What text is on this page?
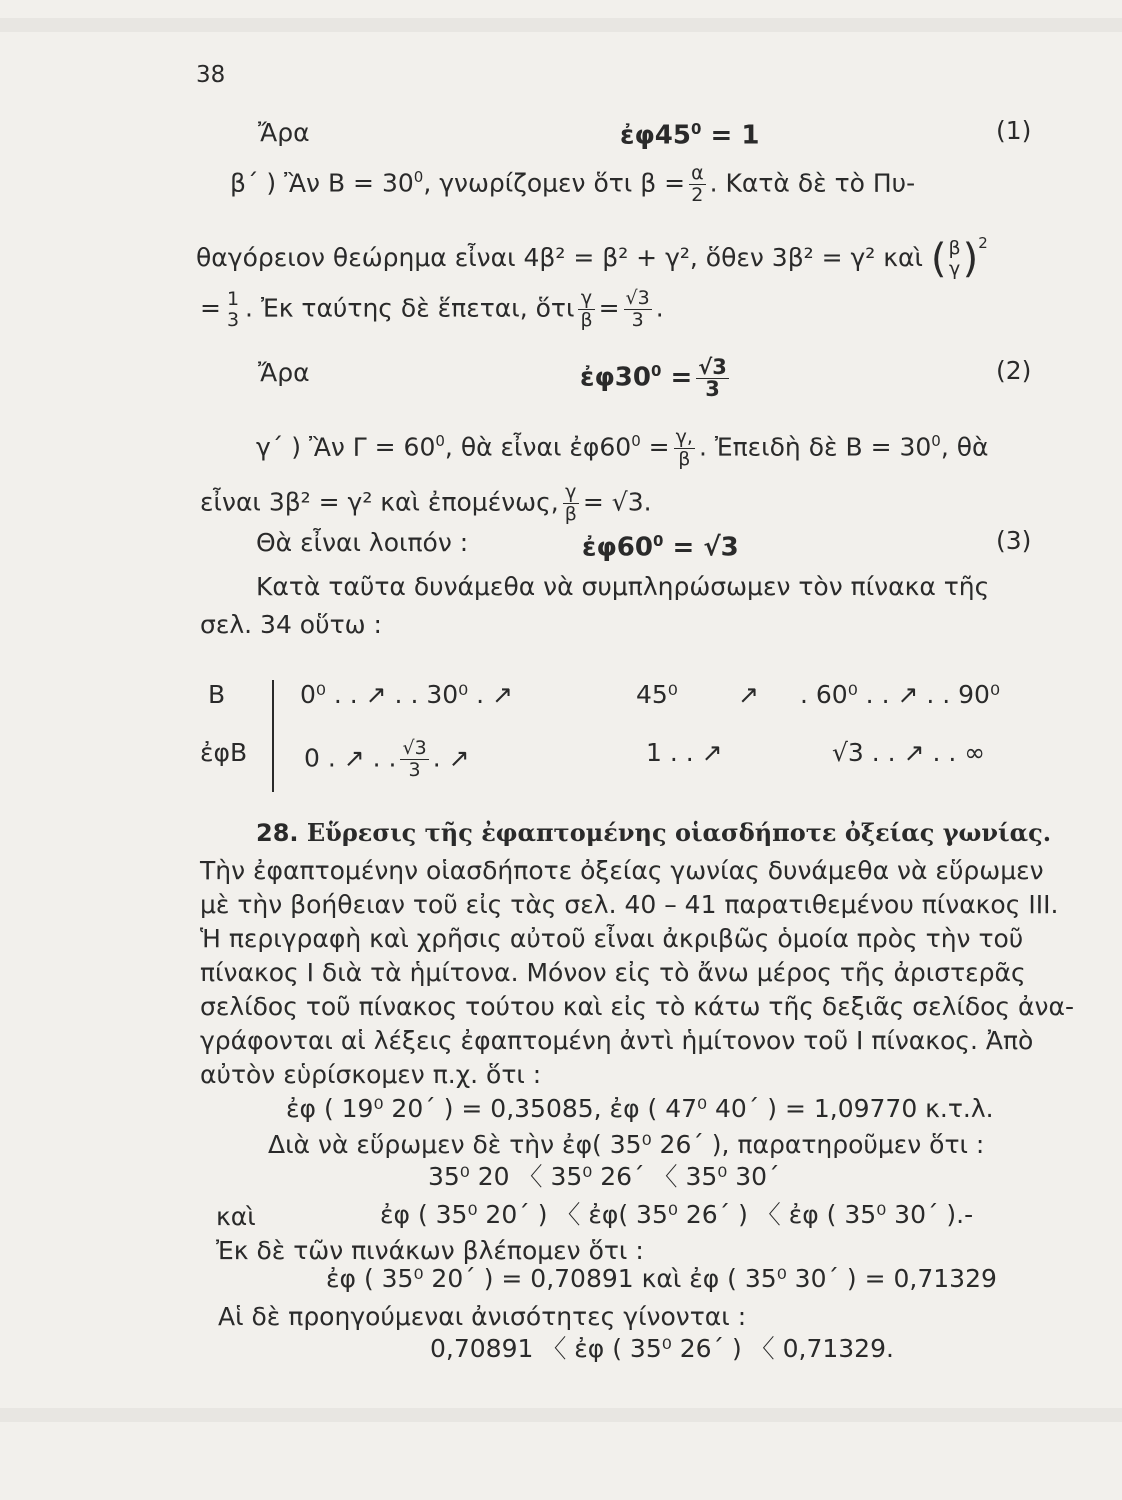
38
Ἄρα	$ἐ\varphi 45^0 = 1$	(1)
β΄ ) Ἂν $B = 30^0$, γνωρίζομεν ὅτι $\beta = \frac{\alpha}{2}$ . Κατὰ δὲ τὸ Πυ-
θαγόρειον θεώρημα εἶναι 4β² = β² + γ², ὅθεν 3β² = γ² καὶ ( β
γ )$^2$
= 1
3 . Ἐκ ταύτης δὲ ἕπεται, ὅτι $\frac{\gamma}{\beta} = \frac{√3}{3}$ .
Ἄρα	$ἐ\varphi 30^0 = \frac{√3}{3}$	(2)
γ΄ ) Ἂν $\Gamma = 60^0$, θὰ εἶναι $ἐ\varphi 60^0 = \frac{\gamma,}{\beta}$ . Ἐπειδὴ δὲ $B = 30^0$, θὰ
εἶναι 3β² = γ² καὶ ἐπομένως, $\frac{\gamma}{\beta} = √3$.
Θὰ εἶναι λοιπόν :	$ἐ\varphi 60^0 = √3$	(3)
Κατὰ ταῦτα δυνάμεθα νὰ συμπληρώσωμεν τὸν πίνακα τῆς
σελ. 34 οὕτω :
Β	0⁰ . . ↗ . . 30⁰ . ↗	45⁰ ↗ . 60⁰ . . ↗ . . 90⁰
ἐφΒ 0 . ↗ . . $\frac{√3}{3}$ . ↗	1 . . ↗	√3 . . ↗ . . ∞
28. Εὕρεσις τῆς ἐφαπτομένης οἱασδήποτε ὀξείας γωνίας.
Τὴν ἐφαπτομένην οἱασδήποτε ὀξείας γωνίας δυνάμεθα νὰ εὕρωμεν
μὲ τὴν βοήθειαν τοῦ εἰς τὰς σελ. 40 – 41 παρατιθεμένου πίνακος ΙΙΙ.
Ἡ περιγραφὴ καὶ χρῆσις αὐτοῦ εἶναι ἀκριβῶς ὁμοία πρὸς τὴν τοῦ
πίνακος Ι διὰ τὰ ἡμίτονα. Μόνον εἰς τὸ ἄνω μέρος τῆς ἀριστερᾶς
σελίδος τοῦ πίνακος τούτου καὶ εἰς τὸ κάτω τῆς δεξιᾶς σελίδος ἀνα-
γράφονται αἱ λέξεις ἐφαπτομένη ἀντὶ ἡμίτονον τοῦ Ι πίνακος. Ἀπὸ
αὐτὸν εὑρίσκομεν π.χ. ὅτι :
ἐφ ( 19⁰ 20΄ ) = 0,35085, ἐφ ( 47⁰ 40΄ ) = 1,09770 κ.τ.λ.
Διὰ νὰ εὕρωμεν δὲ τὴν ἐφ( 35⁰ 26΄ ), παρατηροῦμεν ὅτι :
35⁰ 20 〈 35⁰ 26΄ 〈 35⁰ 30΄
καὶ	ἐφ ( 35⁰ 20΄ ) 〈 ἐφ( 35⁰ 26΄ ) 〈 ἐφ ( 35⁰ 30΄ ).-
Ἐκ δὲ τῶν πινάκων βλέπομεν ὅτι :
ἐφ ( 35⁰ 20΄ ) = 0,70891 καὶ ἐφ ( 35⁰ 30΄ ) = 0,71329
Αἱ δὲ προηγούμεναι ἀνισότητες γίνονται :
0,70891 〈 ἐφ ( 35⁰ 26΄ ) 〈 0,71329.
